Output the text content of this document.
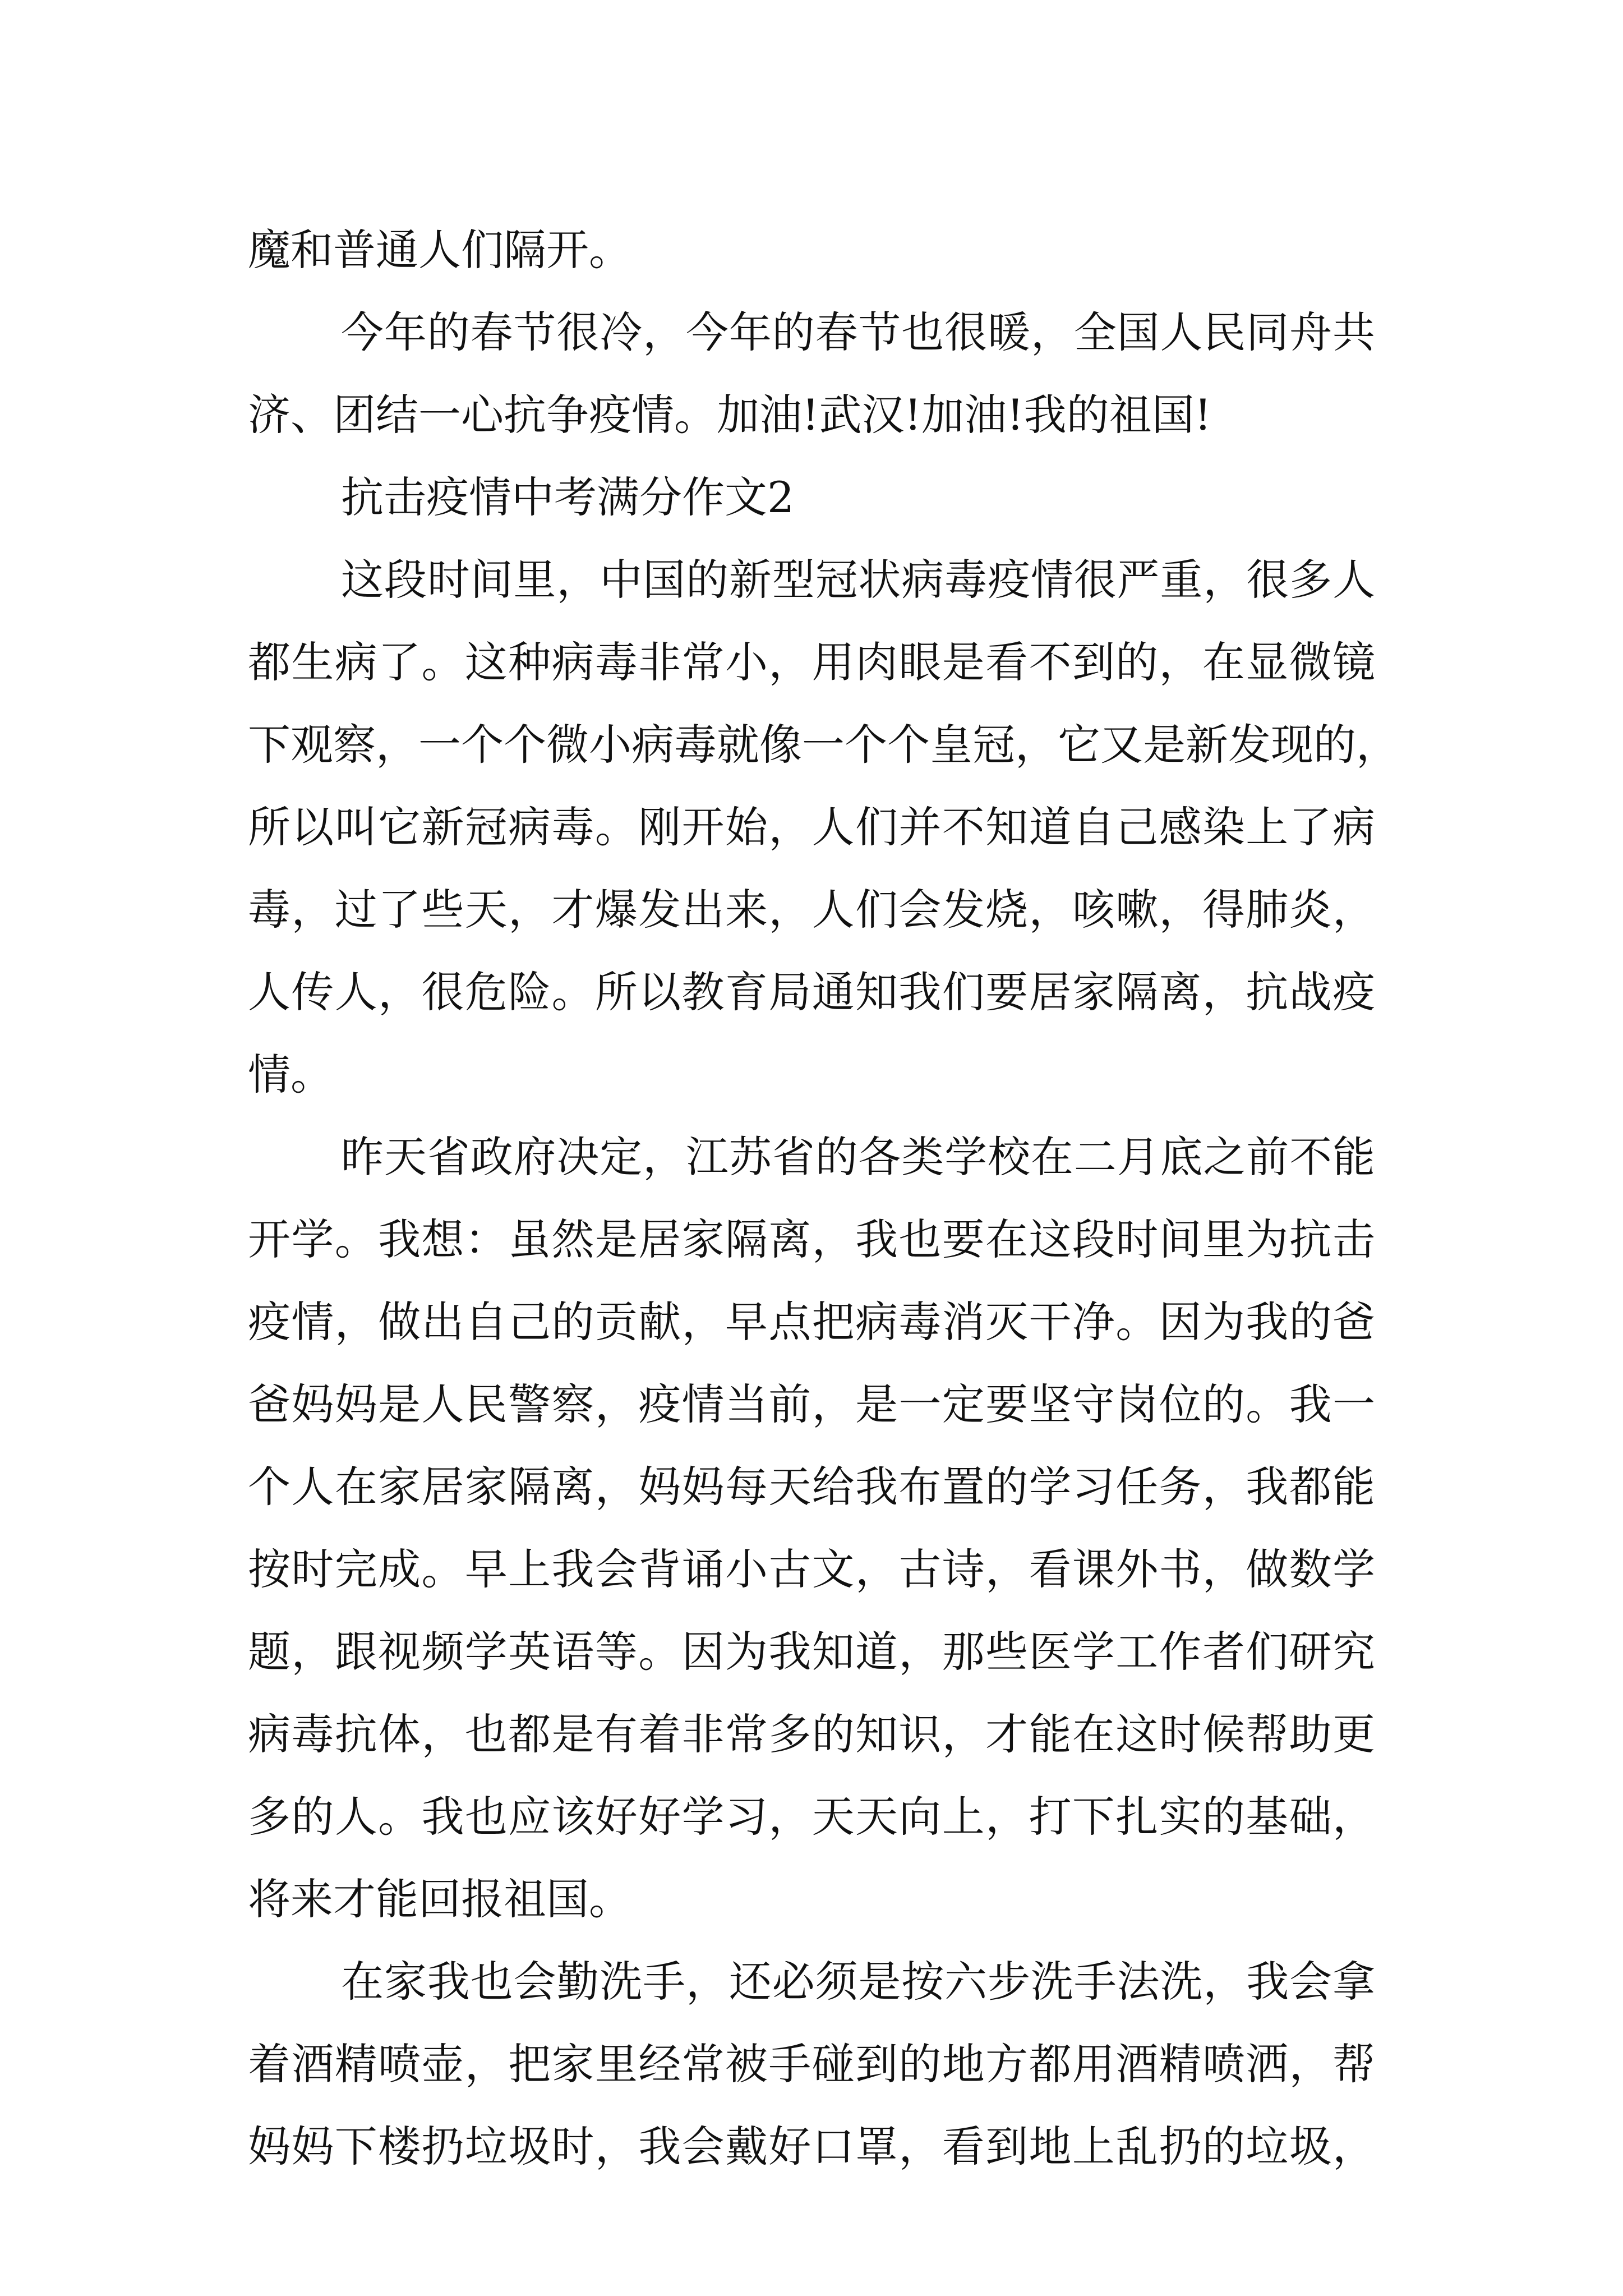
魔和普通人们隔开。
今年的春节很冷，今年的春节也很暖，全国人民同舟共
济、团结一心抗争疫情。加油!武汉!加油!我的祖国!
抗击疫情中考满分作文2
这段时间里，中国的新型冠状病毒疫情很严重，很多人
都生病了。这种病毒非常小，用肉眼是看不到的，在显微镜
下观察，一个个微小病毒就像一个个皇冠，它又是新发现的，
所以叫它新冠病毒。刚开始，人们并不知道自己感染上了病
毒，过了些天，才爆发出来，人们会发烧，咳嗽，得肺炎，
人传人，很危险。所以教育局通知我们要居家隔离，抗战疫
情。
昨天省政府决定，江苏省的各类学校在二月底之前不能
开学。我想：虽然是居家隔离，我也要在这段时间里为抗击
疫情，做出自己的贡献，早点把病毒消灭干净。因为我的爸
爸妈妈是人民警察，疫情当前，是一定要坚守岗位的。我一
个人在家居家隔离，妈妈每天给我布置的学习任务，我都能
按时完成。早上我会背诵小古文，古诗，看课外书，做数学
题，跟视频学英语等。因为我知道，那些医学工作者们研究
病毒抗体，也都是有着非常多的知识，才能在这时候帮助更
多的人。我也应该好好学习，天天向上，打下扎实的基础，
将来才能回报祖国。
在家我也会勤洗手，还必须是按六步洗手法洗，我会拿
着酒精喷壶，把家里经常被手碰到的地方都用酒精喷洒，帮
妈妈下楼扔垃圾时，我会戴好口罩，看到地上乱扔的垃圾，
